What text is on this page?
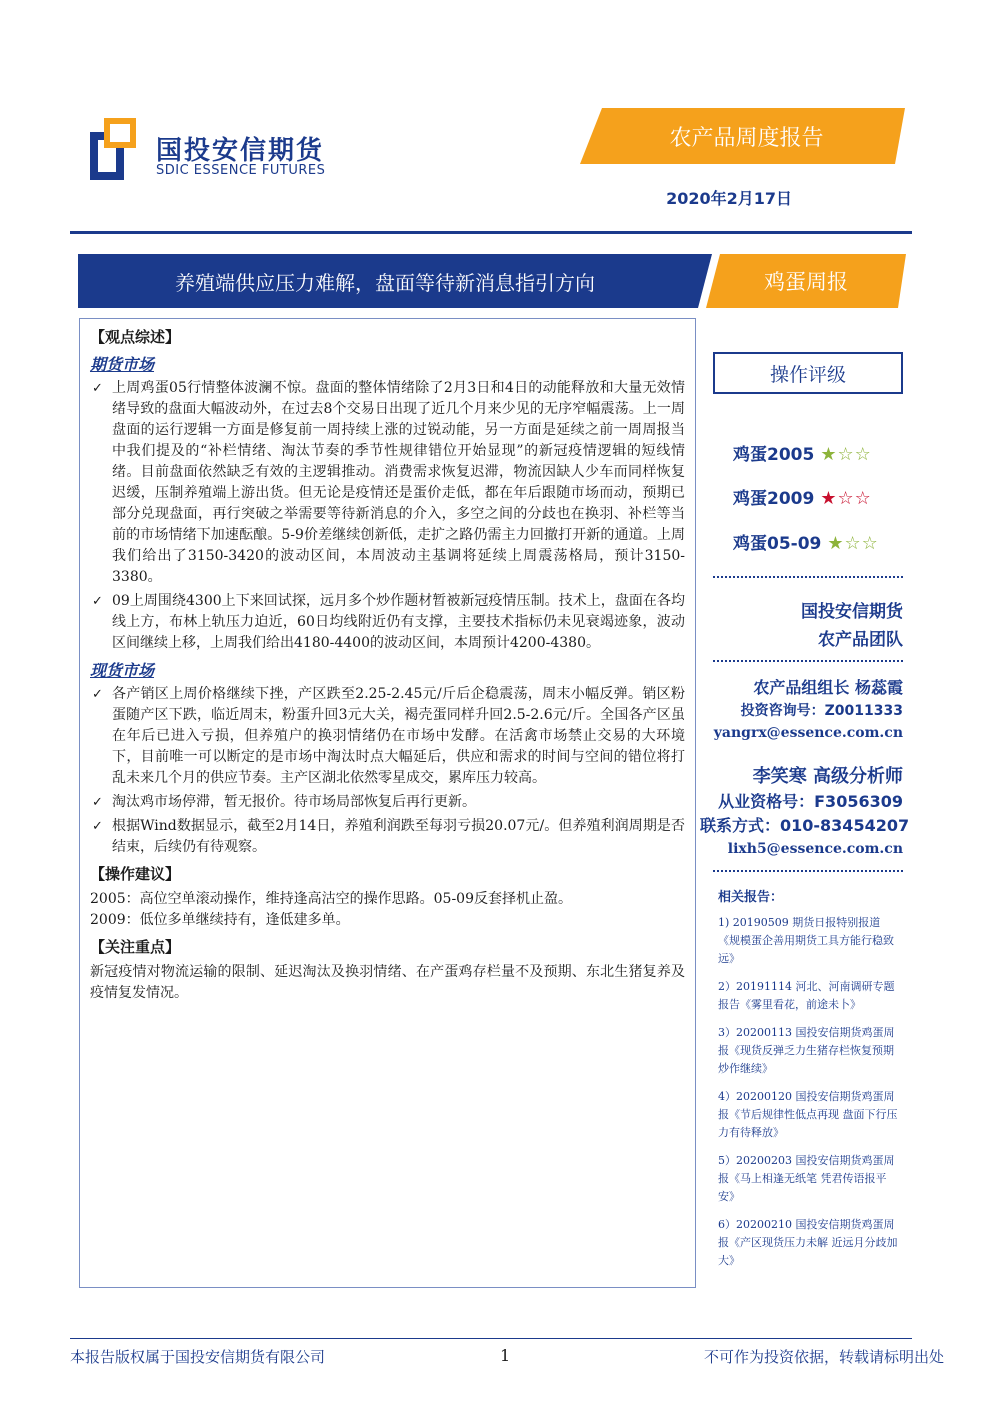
国投安信期货
SDIC ESSENCE FUTURES
农产品周度报告
2020年2月17日
养殖端供应压力难解，盘面等待新消息指引方向	鸡蛋周报
【观点综述】
期货市场
✓ 上周鸡蛋05行情整体波澜不惊。盘面的整体情绪除了2月3日和4日的动能释放和大量无效情绪导致的盘面大幅波动外，在过去8个交易日出现了近几个月来少见的无序窄幅震荡。上一周盘面的运行逻辑一方面是修复前一周持续上涨的过锐动能，另一方面是延续之前一周周报当中我们提及的“补栏情绪、淘汰节奏的季节性规律错位开始显现”的新冠疫情逻辑的短线情绪。目前盘面依然缺乏有效的主逻辑推动。消费需求恢复迟滞，物流因缺人少车而同样恢复迟缓，压制养殖端上游出货。但无论是疫情还是蛋价走低，都在年后跟随市场而动，预期已部分兑现盘面，再行突破之举需要等待新消息的介入，多空之间的分歧也在换羽、补栏等当前的市场情绪下加速酝酿。5-9价差继续创新低，走扩之路仍需主力回撤打开新的通道。上周我们给出了3150-3420的波动区间，本周波动主基调将延续上周震荡格局，预计3150-3380。
✓ 09上周围绕4300上下来回试探，远月多个炒作题材暂被新冠疫情压制。技术上，盘面在各均线上方，布林上轨压力迫近，60日均线附近仍有支撑，主要技术指标仍未见衰竭迹象，波动区间继续上移，上周我们给出4180-4400的波动区间，本周预计4200-4380。
现货市场
✓ 各产销区上周价格继续下挫，产区跌至2.25-2.45元/斤后企稳震荡，周末小幅反弹。销区粉蛋随产区下跌，临近周末，粉蛋升回3元大关，褐壳蛋同样升回2.5-2.6元/斤。全国各产区虽在年后已进入亏损，但养殖户的换羽情绪仍在市场中发酵。在活禽市场禁止交易的大环境下，目前唯一可以断定的是市场中淘汰时点大幅延后，供应和需求的时间与空间的错位将打乱未来几个月的供应节奏。主产区湖北依然零星成交，累库压力较高。
✓ 淘汰鸡市场停滞，暂无报价。待市场局部恢复后再行更新。
✓ 根据Wind数据显示，截至2月14日，养殖利润跌至每羽亏损20.07元/。但养殖利润周期是否结束，后续仍有待观察。
【操作建议】
2005：高位空单滚动操作，维持逢高沽空的操作思路。05-09反套择机止盈。
2009：低位多单继续持有，逢低建多单。
【关注重点】
新冠疫情对物流运输的限制、延迟淘汰及换羽情绪、在产蛋鸡存栏量不及预期、东北生猪复养及疫情复发情况。
操作评级
鸡蛋2005 ★☆☆
鸡蛋2009 ★☆☆
鸡蛋05-09 ★☆☆
国投安信期货
农产品团队
农产品组组长 杨蕊霞
投资咨询号：Z0011333
yangrx@essence.com.cn
李笑寒 高级分析师
从业资格号：F3056309
联系方式：010-83454207
lixh5@essence.com.cn
相关报告：
1) 20190509 期货日报特别报道《规模蛋企善用期货工具方能行稳致远》
2）20191114 河北、河南调研专题报告《雾里看花，前途未卜》
3）20200113 国投安信期货鸡蛋周报《现货反弹乏力生猪存栏恢复预期炒作继续》
4）20200120 国投安信期货鸡蛋周报《节后规律性低点再现 盘面下行压力有待释放》
5）20200203 国投安信期货鸡蛋周报《马上相逢无纸笔 凭君传语报平安》
6）20200210 国投安信期货鸡蛋周报《产区现货压力未解 近远月分歧加大》
本报告版权属于国投安信期货有限公司	1	不可作为投资依据，转载请标明出处
